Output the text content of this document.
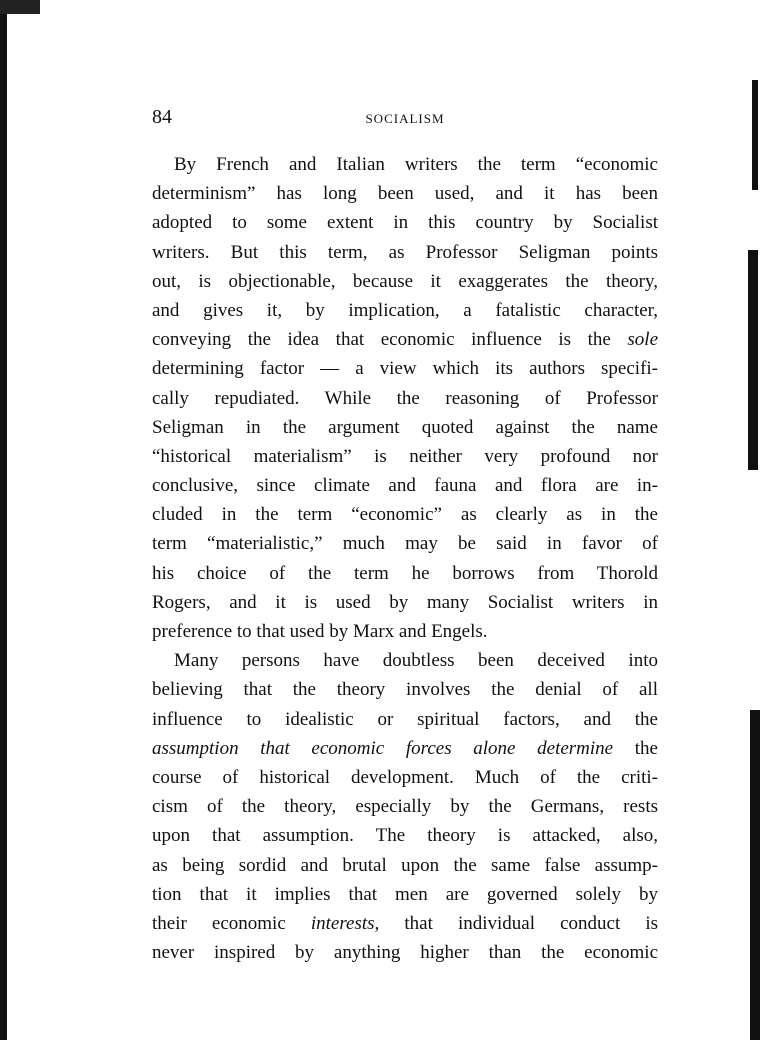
84	SOCIALISM
By French and Italian writers the term “economic
determinism” has long been used, and it has been
adopted to some extent in this country by Socialist
writers. But this term, as Professor Seligman points
out, is objectionable, because it exaggerates the theory,
and gives it, by implication, a fatalistic character,
conveying the idea that economic influence is the sole
determining factor — a view which its authors specifi-
cally repudiated. While the reasoning of Professor
Seligman in the argument quoted against the name
“historical materialism” is neither very profound nor
conclusive, since climate and fauna and flora are in-
cluded in the term “economic” as clearly as in the
term “materialistic,” much may be said in favor of
his choice of the term he borrows from Thorold
Rogers, and it is used by many Socialist writers in
preference to that used by Marx and Engels.
Many persons have doubtless been deceived into
believing that the theory involves the denial of all
influence to idealistic or spiritual factors, and the
assumption that economic forces alone determine the
course of historical development. Much of the criti-
cism of the theory, especially by the Germans, rests
upon that assumption. The theory is attacked, also,
as being sordid and brutal upon the same false assump-
tion that it implies that men are governed solely by
their economic interests, that individual conduct is
never inspired by anything higher than the economic
